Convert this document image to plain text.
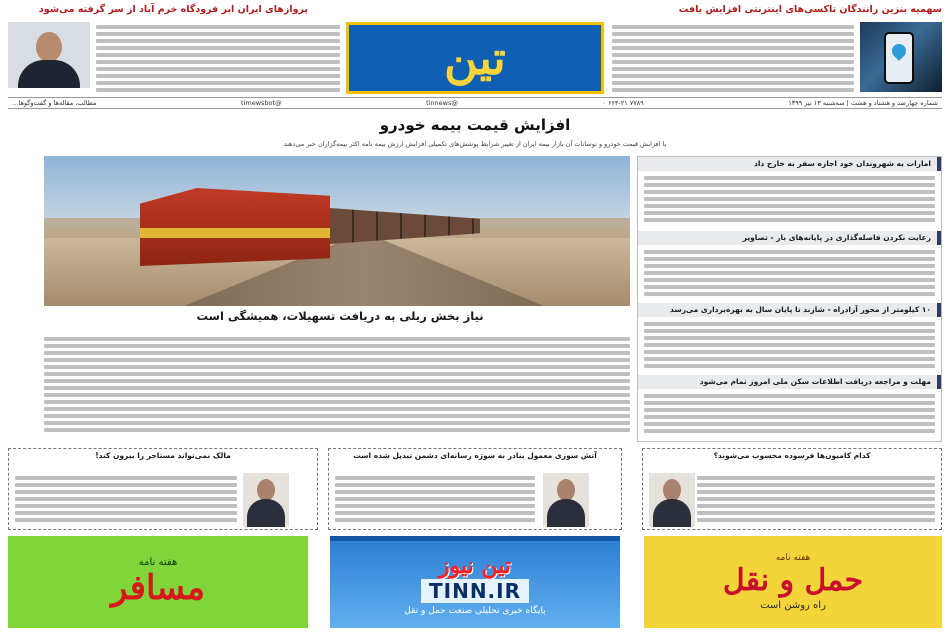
سهمیه بنزین رانندگان تاکسی‌های اینترنتی افزایش یافت
پروازهای ایران ایر فرودگاه خرم آباد از سر گرفته می‌شود
تین
شماره چهارصد و هشتاد و هشت | سه‌شنبه ۱۳ تیر ۱۳۹۹
۷۷۸۹ ۶۶۴-۲۱ ۰
@tinnews
@timewsbot
مطالب، مقاله‌ها و گفت‌وگوها…
افزایش قیمت بیمه خودرو
با افزایش قیمت خودرو و نوسانات آن بازار بیمه ایران از تغییر شرایط پوشش‌های تکمیلی افزایش ارزش بیمه نامه اکثر بیمه‌گزاران خبر می‌دهند
امارات به شهروندان خود اجازه سفر به خارج داد
رعایت نکردن فاصله‌گذاری در پایانه‌های بار - تصاویر
۱۰ کیلومتر از محور آزادراه - شازند تا پایان سال به بهره‌برداری می‌رسد
مهلت و مراجعه دریافت اطلاعات سکن ملی امروز تمام می‌شود
نیاز بخش ریلی به دریافت تسهیلات، همیشگی است
کدام کامیون‌ها فرسوده محسوب می‌شوند؟
آتش سوزی معمول بنادر به سوژه رسانه‌ای دشمن تبدیل شده است
مالک نمی‌تواند مستاجر را بیرون کند!
هفته نامه
حمل و نقل
راه روشن است
تین نیوز
TINN.IR
پایگاه خبری تحلیلی صنعت حمل و نقل
هفته نامه
مسافر
